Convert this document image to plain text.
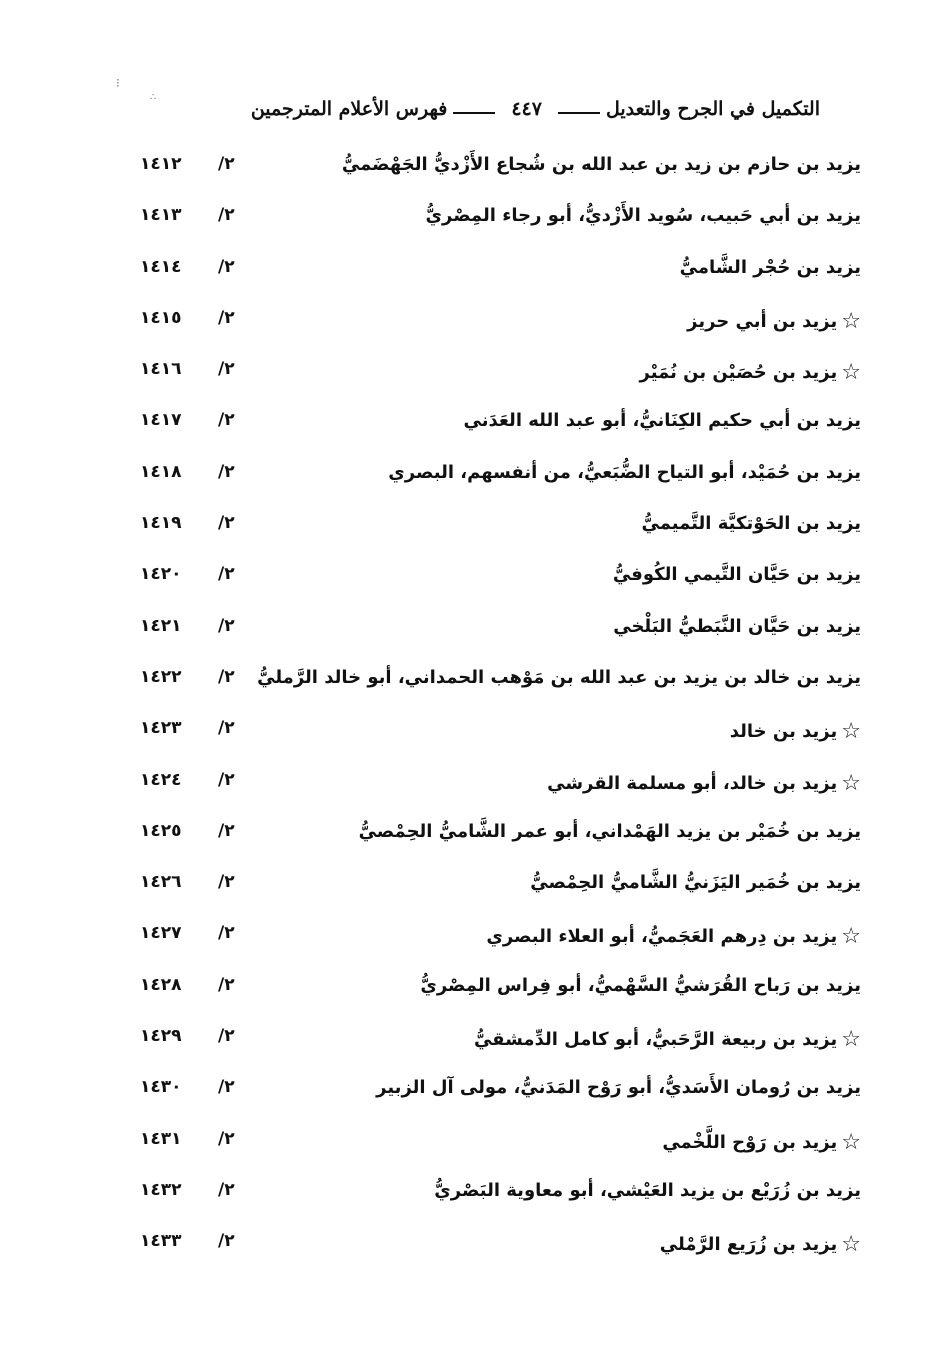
⁝
∴
التكميل في الجرح والتعديل
٤٤٧
فهرس الأعلام المترجمين
يزيد بن حازم بن زيد بن عبد الله بن شُجاع الأَزْديُّ الجَهْضَميُّ
٢/
١٤١٢
يزيد بن أبي حَبيب، سُويد الأَزْديُّ، أبو رجاء المِصْريُّ
٢/
١٤١٣
يزيد بن حُجْر الشَّاميُّ
٢/
١٤١٤
☆يزيد بن أبي حريز
٢/
١٤١٥
☆يزيد بن حُصَيْن بن نُمَيْر
٢/
١٤١٦
يزيد بن أبي حكيم الكِنَانيُّ، أبو عبد الله العَدَني
٢/
١٤١٧
يزيد بن حُمَيْد، أبو التياح الضُّبَعيُّ، من أنفسهم، البصري
٢/
١٤١٨
يزيد بن الحَوْتكيَّة التَّميميُّ
٢/
١٤١٩
يزيد بن حَيَّان التَّيمي الكُوفيُّ
٢/
١٤٢٠
يزيد بن حَيَّان النَّبَطيُّ البَلْخي
٢/
١٤٢١
يزيد بن خالد بن يزيد بن عبد الله بن مَوْهب الحمداني، أبو خالد الرَّمليُّ
٢/
١٤٢٢
☆يزيد بن خالد
٢/
١٤٢٣
☆يزيد بن خالد، أبو مسلمة القرشي
٢/
١٤٢٤
يزيد بن خُمَيْر بن يزيد الهَمْداني، أبو عمر الشَّاميُّ الحِمْصيُّ
٢/
١٤٢٥
يزيد بن خُمَير اليَزَنيُّ الشَّاميُّ الحِمْصيُّ
٢/
١٤٢٦
☆يزيد بن دِرهم العَجَميُّ، أبو العلاء البصري
٢/
١٤٢٧
يزيد بن رَباح القُرَشيُّ السَّهْميُّ، أبو فِراس المِصْريُّ
٢/
١٤٢٨
☆يزيد بن ربيعة الرَّحَبيُّ، أبو كامل الدِّمشقيُّ
٢/
١٤٢٩
يزيد بن رُومان الأَسَديُّ، أبو رَوْح المَدَنيُّ، مولى آل الزبير
٢/
١٤٣٠
☆يزيد بن رَوْح اللَّخْمي
٢/
١٤٣١
يزيد بن زُرَيْع بن يزيد العَيْشي، أبو معاوية البَصْريُّ
٢/
١٤٣٢
☆يزيد بن زُرَيع الرَّمْلي
٢/
١٤٣٣
